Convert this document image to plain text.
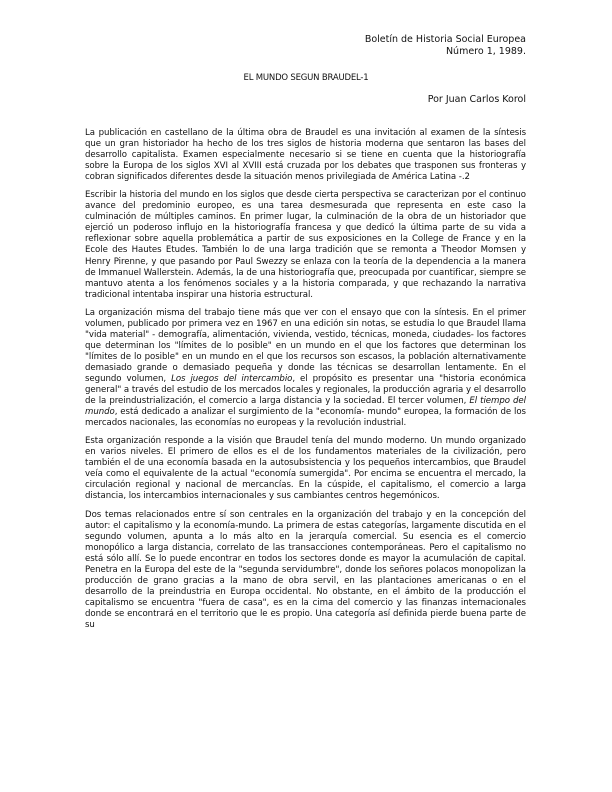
Boletín de Historia Social Europea
Número 1, 1989.
EL MUNDO SEGUN BRAUDEL-1
Por Juan Carlos Korol

La publicación en castellano de la última obra de Braudel es una invitación al examen de la síntesis que un gran historiador ha hecho de los tres siglos de historia moderna que sentaron las bases del desarrollo capitalista. Examen especialmente necesario si se tiene en cuenta que la historiografía sobre la Europa de los siglos XVI al XVIII está cruzada por los debates que trasponen sus fronteras y cobran significados diferentes desde la situación menos privilegiada de América Latina -.2

Escribir la historia del mundo en los siglos que desde cierta perspectiva se caracterizan por el continuo avance del predominio europeo, es una tarea desmesurada que representa en este caso la culminación de múltiples caminos. En primer lugar, la culminación de la obra de un historiador que ejerció un poderoso influjo en la historiografía francesa y que dedicó la última parte de su vida a reflexionar sobre aquella problemática a partir de sus exposiciones en la College de France y en la Ecole des Hautes Etudes. También lo de una larga tradición que se remonta a Theodor Momsen y Henry Pirenne, y que pasando por Paul Swezzy se enlaza con la teoría de la dependencia a la manera de Immanuel Wallerstein. Además, la de una historiografía que, preocupada por cuantificar, siempre se mantuvo atenta a los fenómenos sociales y a la historia comparada, y que rechazando la narrativa tradicional intentaba inspirar una historia estructural.

La organización misma del trabajo tiene más que ver con el ensayo que con la síntesis. En el primer volumen, publicado por primera vez en 1967 en una edición sin notas, se estudia lo que Braudel llama "vida material" - demografía, alimentación, vivienda, vestido, técnicas, moneda, ciudades- los factores que determinan los "límites de lo posible" en un mundo en el que los factores que determinan los "límites de lo posible" en un mundo en el que los recursos son escasos, la población alternativamente demasiado grande o demasiado pequeña y donde las técnicas se desarrollan lentamente. En el segundo volumen, Los juegos del intercambio, el propósito es presentar una "historia económica general" a través del estudio de los mercados locales y regionales, la producción agraria y el desarrollo de la preindustrialización, el comercio a larga distancia y la sociedad. El tercer volumen, El tiempo del mundo, está dedicado a analizar el surgimiento de la "economía- mundo" europea, la formación de los mercados nacionales, las economías no europeas y la revolución industrial.

Esta organización responde a la visión que Braudel tenía del mundo moderno. Un mundo organizado en varios niveles. El primero de ellos es el de los fundamentos materiales de la civilización, pero también el de una economía basada en la autosubsistencia y los pequeños intercambios, que Braudel veía como el equivalente de la actual "economía sumergida". Por encima se encuentra el mercado, la circulación regional y nacional de mercancías. En la cúspide, el capitalismo, el comercio a larga distancia, los intercambios internacionales y sus cambiantes centros hegemónicos.

Dos temas relacionados entre sí son centrales en la organización del trabajo y en la concepción del autor: el capitalismo y la economía-mundo. La primera de estas categorías, largamente discutida en el segundo volumen, apunta a lo más alto en la jerarquía comercial. Su esencia es el comercio monopólico a larga distancia, correlato de las transacciones contemporáneas. Pero el capitalismo no está sólo allí. Se lo puede encontrar en todos los sectores donde es mayor la acumulación de capital. Penetra en la Europa del este de la "segunda servidumbre", donde los señores polacos monopolizan la producción de grano gracias a la mano de obra servil, en las plantaciones americanas o en el desarrollo de la preindustria en Europa occidental. No obstante, en el ámbito de la producción el capitalismo se encuentra "fuera de casa", es en la cima del comercio y las finanzas internacionales donde se encontrará en el territorio que le es propio. Una categoría así definida pierde buena parte de su
